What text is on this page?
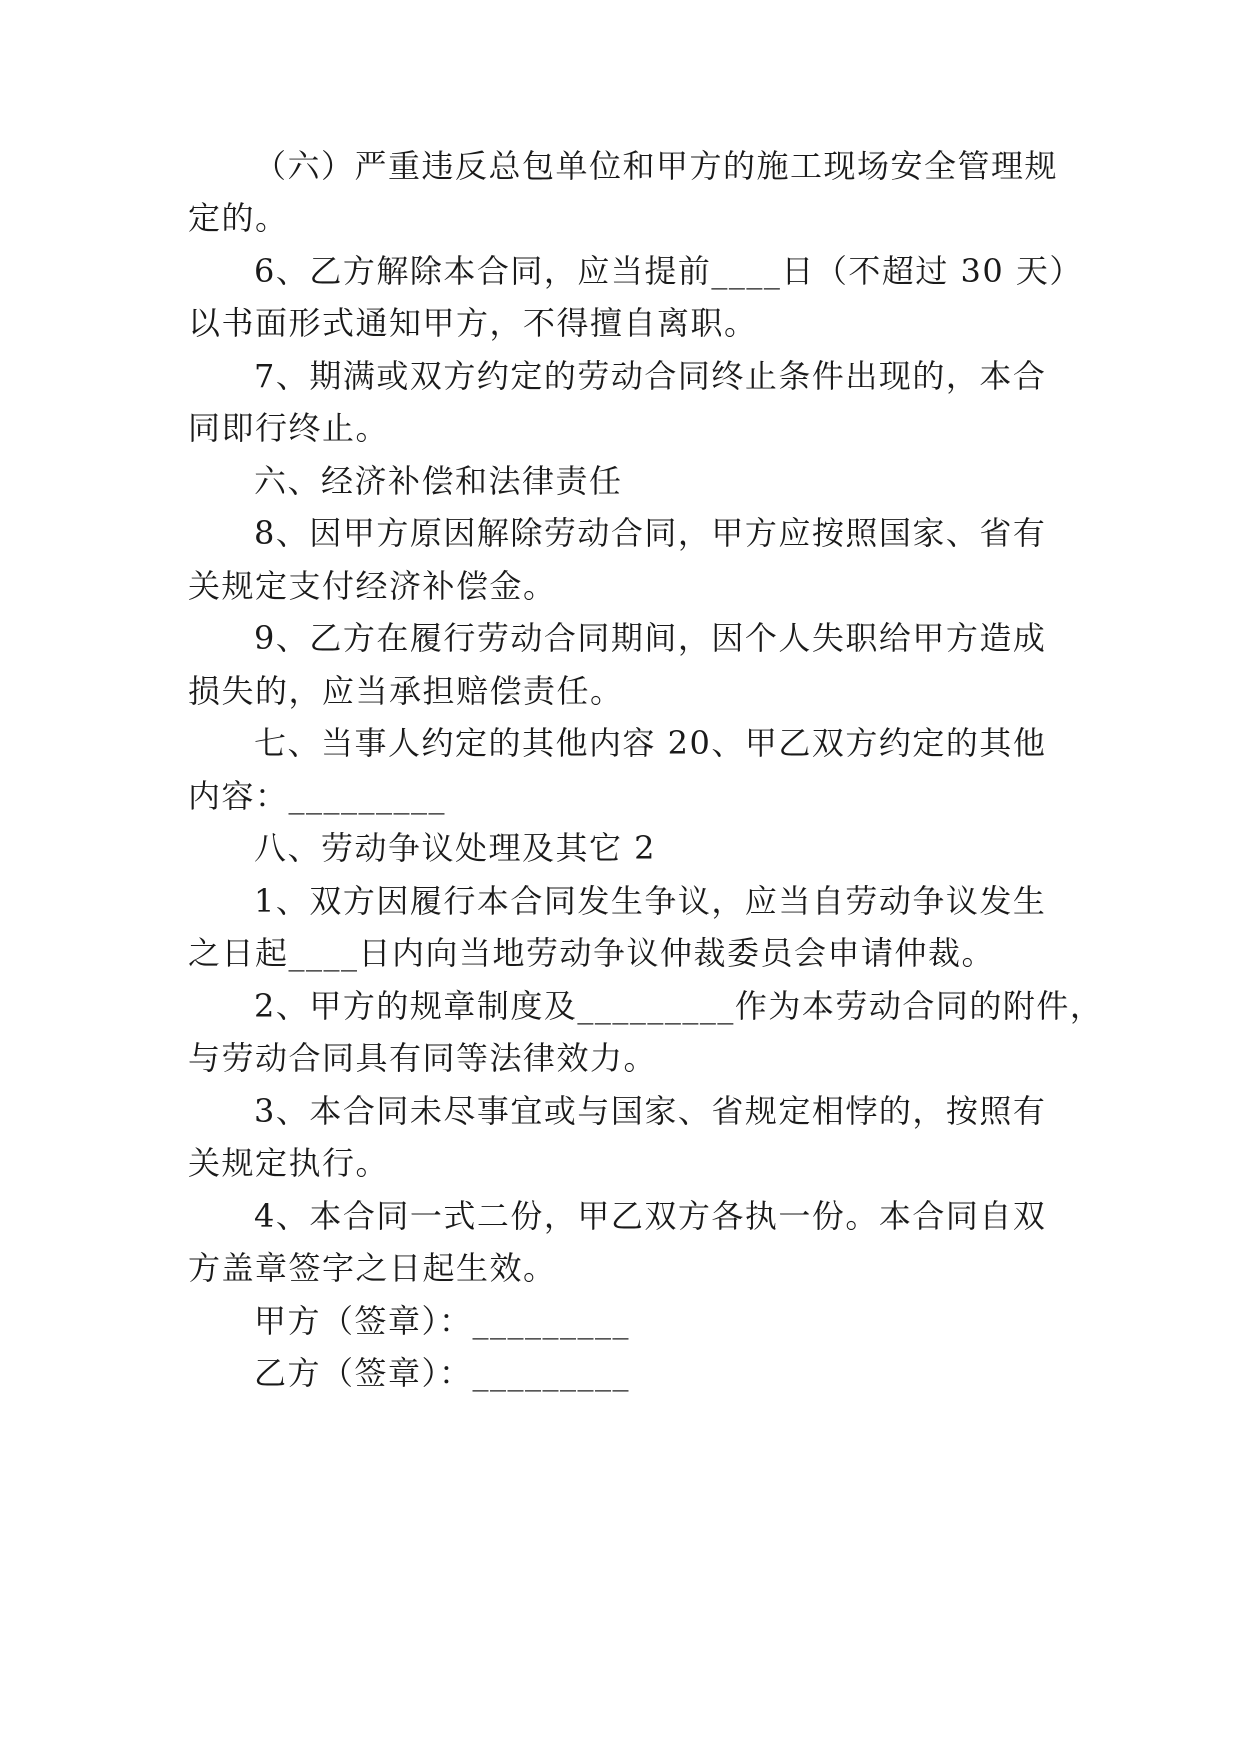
（六）严重违反总包单位和甲方的施工现场安全管理规
定的。
6、乙方解除本合同，应当提前____日（不超过 30 天）
以书面形式通知甲方，不得擅自离职。
7、期满或双方约定的劳动合同终止条件出现的，本合
同即行终止。
六、经济补偿和法律责任
8、因甲方原因解除劳动合同，甲方应按照国家、省有
关规定支付经济补偿金。
9、乙方在履行劳动合同期间，因个人失职给甲方造成
损失的，应当承担赔偿责任。
七、当事人约定的其他内容 20、甲乙双方约定的其他
内容：_________
八、劳动争议处理及其它 2
1、双方因履行本合同发生争议，应当自劳动争议发生
之日起____日内向当地劳动争议仲裁委员会申请仲裁。
2、甲方的规章制度及_________作为本劳动合同的附件，
与劳动合同具有同等法律效力。
3、本合同未尽事宜或与国家、省规定相悖的，按照有
关规定执行。
4、本合同一式二份，甲乙双方各执一份。本合同自双
方盖章签字之日起生效。
甲方（签章）：_________
乙方（签章）：_________
